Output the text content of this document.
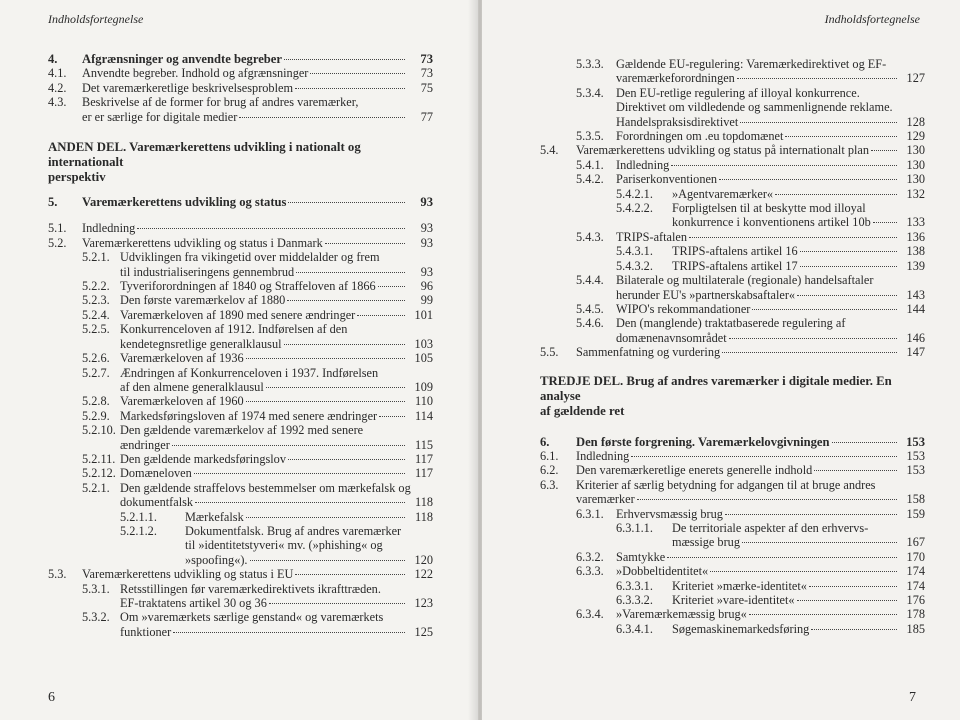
Indholdsfortegnelse
4.	Afgrænsninger og anvendte begreber	73
4.1.	Anvendte begreber. Indhold og afgrænsninger	73
4.2.	Det varemærkeretlige beskrivelsesproblem	75
4.3.	Beskrivelse af de former for brug af andres varemærker,
er er særlige for digitale medier	77
ANDEN DEL. Varemærkerettens udvikling i nationalt og internationalt
perspektiv
5.	Varemærkerettens udvikling og status	93
5.1.	Indledning	93
5.2.	Varemærkerettens udvikling og status i Danmark	93
5.2.1. Udviklingen fra vikingetid over middelalder og frem
til industrialiseringens gennembrud	93
5.2.2. Tyveriforordningen af 1840 og Straffeloven af 1866	96
5.2.3. Den første varemærkelov af 1880	99
5.2.4. Varemærkeloven af 1890 med senere ændringer	101
5.2.5. Konkurrenceloven af 1912. Indførelsen af den
kendetegnsretlige generalklausul	103
5.2.6. Varemærkeloven af 1936	105
5.2.7. Ændringen af Konkurrenceloven i 1937. Indførelsen
af den almene generalklausul	109
5.2.8. Varemærkeloven af 1960	110
5.2.9. Markedsføringsloven af 1974 med senere ændringer	114
5.2.10. Den gældende varemærkelov af 1992 med senere
ændringer	115
5.2.11. Den gældende markedsføringslov	117
5.2.12. Domæneloven	117
5.2.1. Den gældende straffelovs bestemmelser om mærkefalsk og
dokumentfalsk	118
5.2.1.1.	Mærkefalsk	118
5.2.1.2.	Dokumentfalsk. Brug af andres varemærker
til »identitetstyveri« mv. (»phishing« og
»spoofing«).	120
5.3.	Varemærkerettens udvikling og status i EU	122
5.3.1. Retsstillingen før varemærkedirektivets ikrafttræden.
EF-traktatens artikel 30 og 36	123
5.3.2. Om »varemærkets særlige genstand« og varemærkets
funktioner	125
6
Indholdsfortegnelse
5.3.3.	Gældende EU-regulering: Varemærkedirektivet og EF-
varemærkeforordningen	127
5.3.4.	Den EU-retlige regulering af illoyal konkurrence.
Direktivet om vildledende og sammenlignende reklame.
Handelspraksisdirektivet	128
5.3.5.	Forordningen om .eu topdomænet	129
5.4.	Varemærkerettens udvikling og status på internationalt plan	130
5.4.1.	Indledning	130
5.4.2.	Pariserkonventionen	130
5.4.2.1.	»Agentvaremærker«	132
5.4.2.2.	Forpligtelsen til at beskytte mod illoyal
konkurrence i konventionens artikel 10b	133
5.4.3.	TRIPS-aftalen	136
5.4.3.1.	TRIPS-aftalens artikel 16	138
5.4.3.2.	TRIPS-aftalens artikel 17	139
5.4.4.	Bilaterale og multilaterale (regionale) handelsaftaler
herunder EU's »partnerskabsaftaler«	143
5.4.5.	WIPO's rekommandationer	144
5.4.6.	Den (manglende) traktatbaserede regulering af
domænenavnsområdet	146
5.5.	Sammenfatning og vurdering	147
TREDJE DEL. Brug af andres varemærker i digitale medier. En analyse
af gældende ret
6.	Den første forgrening. Varemærkelovgivningen	153
6.1.	Indledning	153
6.2.	Den varemærkeretlige enerets generelle indhold	153
6.3.	Kriterier af særlig betydning for adgangen til at bruge andres
varemærker	158
6.3.1.	Erhvervsmæssig brug	159
6.3.1.1.	De territoriale aspekter af den erhvervs-
mæssige brug	167
6.3.2.	Samtykke	170
6.3.3.	»Dobbeltidentitet«	174
6.3.3.1.	Kriteriet »mærke-identitet«	174
6.3.3.2.	Kriteriet »vare-identitet«	176
6.3.4.	»Varemærkemæssig brug«	178
6.3.4.1.	Søgemaskinemarkedsføring	185
7
